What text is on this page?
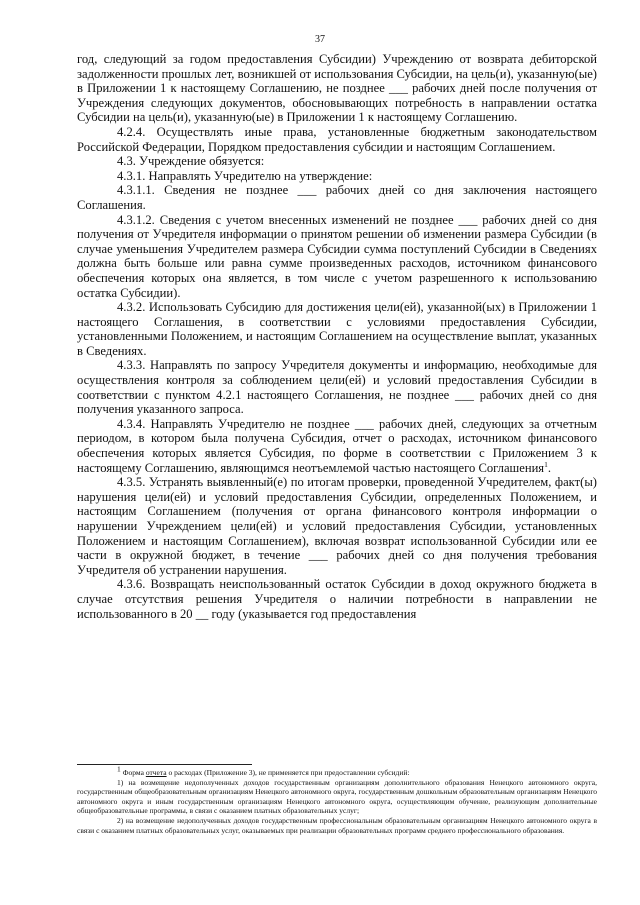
37

год, следующий за годом предоставления Субсидии) Учреждению от возврата дебиторской задолженности прошлых лет, возникшей от использования Субсидии, на цель(и), указанную(ые) в Приложении 1 к настоящему Соглашению, не позднее ___ рабочих дней после получения от Учреждения следующих документов, обосновывающих потребность в направлении остатка Субсидии на цель(и), указанную(ые) в Приложении 1 к настоящему Соглашению.

4.2.4. Осуществлять иные права, установленные бюджетным законодательством Российской Федерации, Порядком предоставления субсидии и настоящим Соглашением.

4.3. Учреждение обязуется:

4.3.1. Направлять Учредителю на утверждение:

4.3.1.1. Сведения не позднее ___ рабочих дней со дня заключения настоящего Соглашения.

4.3.1.2. Сведения с учетом внесенных изменений не позднее ___ рабочих дней со дня получения от Учредителя информации о принятом решении об изменении размера Субсидии (в случае уменьшения Учредителем размера Субсидии сумма поступлений Субсидии в Сведениях должна быть больше или равна сумме произведенных расходов, источником финансового обеспечения которых она является, в том числе с учетом разрешенного к использованию остатка Субсидии).

4.3.2. Использовать Субсидию для достижения цели(ей), указанной(ых) в Приложении 1 настоящего Соглашения, в соответствии с условиями предоставления Субсидии, установленными Положением, и настоящим Соглашением на осуществление выплат, указанных в Сведениях.

4.3.3. Направлять по запросу Учредителя документы и информацию, необходимые для осуществления контроля за соблюдением цели(ей) и условий предоставления Субсидии в соответствии с пунктом 4.2.1 настоящего Соглашения, не позднее ___ рабочих дней со дня получения указанного запроса.

4.3.4. Направлять Учредителю не позднее ___ рабочих дней, следующих за отчетным периодом, в котором была получена Субсидия, отчет о расходах, источником финансового обеспечения которых является Субсидия, по форме в соответствии с Приложением 3 к настоящему Соглашению, являющимся неотъемлемой частью настоящего Соглашения$^1$.

4.3.5. Устранять выявленный(е) по итогам проверки, проведенной Учредителем, факт(ы) нарушения цели(ей) и условий предоставления Субсидии, определенных Положением, и настоящим Соглашением (получения от органа финансового контроля информации о нарушении Учреждением цели(ей) и условий предоставления Субсидии, установленных Положением и настоящим Соглашением), включая возврат использованной Субсидии или ее части в окружной бюджет, в течение ___ рабочих дней со дня получения требования Учредителя об устранении нарушения.

4.3.6. Возвращать неиспользованный остаток Субсидии в доход окружного бюджета в случае отсутствия решения Учредителя о наличии потребности в направлении не использованного в 20 __ году (указывается год предоставления

$^1$ Форма отчета о расходах (Приложение 3), не применяется при предоставлении субсидий:

1) на возмещение недополученных доходов государственным организациям дополнительного образования Ненецкого автономного округа, государственным общеобразовательным организациям Ненецкого автономного округа, государственным дошкольным образовательным организациям Ненецкого автономного округа и иным государственным организациям Ненецкого автономного округа, осуществляющим обучение, реализующим дополнительные общеобразовательные программы, в связи с оказанием платных образовательных услуг;

2) на возмещение недополученных доходов государственным профессиональным образовательным организациям Ненецкого автономного округа в связи с оказанием платных образовательных услуг, оказываемых при реализации образовательных программ среднего профессионального образования.
